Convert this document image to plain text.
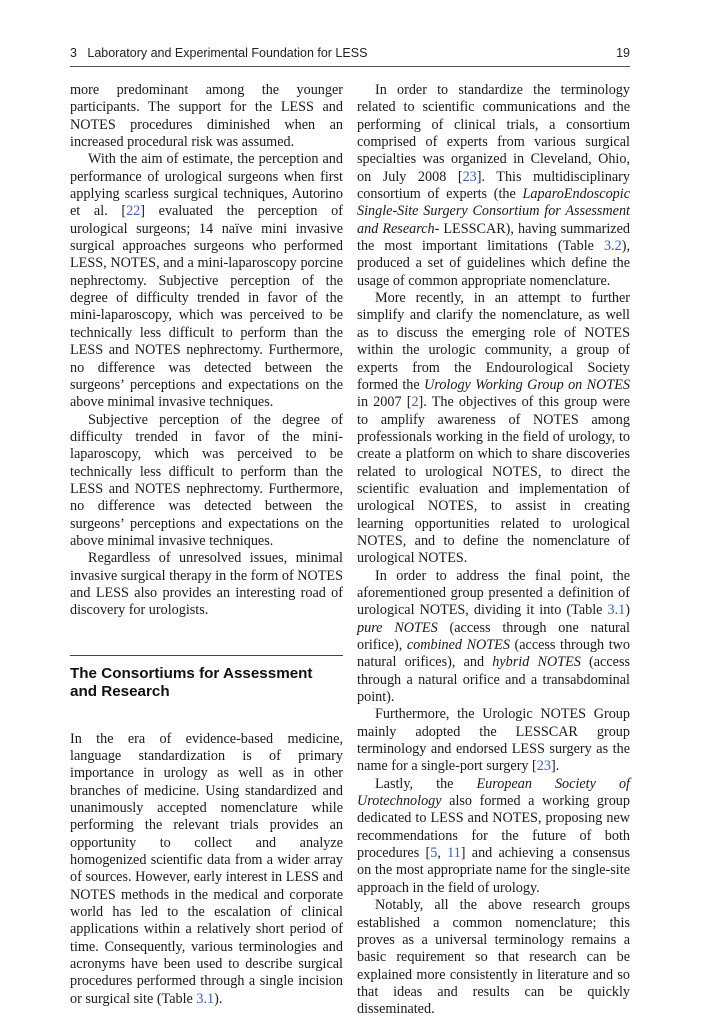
3   Laboratory and Experimental Foundation for LESS	19

more predominant among the younger participants. The support for the LESS and NOTES procedures diminished when an increased procedural risk was assumed.

With the aim of estimate, the perception and performance of urological surgeons when first applying scarless surgical techniques, Autorino et al. [22] evaluated the perception of urological surgeons; 14 naïve mini invasive surgical approaches surgeons who performed LESS, NOTES, and a mini-laparoscopy porcine nephrectomy. Subjective perception of the degree of difficulty trended in favor of the mini-laparoscopy, which was perceived to be technically less difficult to perform than the LESS and NOTES nephrectomy. Furthermore, no difference was detected between the surgeons’ perceptions and expectations on the above minimal invasive techniques.

Subjective perception of the degree of difficulty trended in favor of the mini-laparoscopy, which was perceived to be technically less difficult to perform than the LESS and NOTES nephrectomy. Furthermore, no difference was detected between the surgeons’ perceptions and expectations on the above minimal invasive techniques.

Regardless of unresolved issues, minimal invasive surgical therapy in the form of NOTES and LESS also provides an interesting road of discovery for urologists.

The Consortiums for Assessment and Research

In the era of evidence-based medicine, language standardization is of primary importance in urology as well as in other branches of medicine. Using standardized and unanimously accepted nomenclature while performing the relevant trials provides an opportunity to collect and analyze homogenized scientific data from a wider array of sources. However, early interest in LESS and NOTES methods in the medical and corporate world has led to the escalation of clinical applications within a relatively short period of time. Consequently, various terminologies and acronyms have been used to describe surgical procedures performed through a single incision or surgical site (Table 3.1).

In order to standardize the terminology related to scientific communications and the performing of clinical trials, a consortium comprised of experts from various surgical specialties was organized in Cleveland, Ohio, on July 2008 [23]. This multidisciplinary consortium of experts (the LaparoEndoscopic Single-Site Surgery Consortium for Assessment and Research- LESSCAR), having summarized the most important limitations (Table 3.2), produced a set of guidelines which define the usage of common appropriate nomenclature.

More recently, in an attempt to further simplify and clarify the nomenclature, as well as to discuss the emerging role of NOTES within the urologic community, a group of experts from the Endourological Society formed the Urology Working Group on NOTES in 2007 [2]. The objectives of this group were to amplify awareness of NOTES among professionals working in the field of urology, to create a platform on which to share discoveries related to urological NOTES, to direct the scientific evaluation and implementation of urological NOTES, to assist in creating learning opportunities related to urological NOTES, and to define the nomenclature of urological NOTES.

In order to address the final point, the aforementioned group presented a definition of urological NOTES, dividing it into (Table 3.1) pure NOTES (access through one natural orifice), combined NOTES (access through two natural orifices), and hybrid NOTES (access through a natural orifice and a transabdominal point).

Furthermore, the Urologic NOTES Group mainly adopted the LESSCAR group terminology and endorsed LESS surgery as the name for a single-port surgery [23].

Lastly, the European Society of Urotechnology also formed a working group dedicated to LESS and NOTES, proposing new recommendations for the future of both procedures [5, 11] and achieving a consensus on the most appropriate name for the single-site approach in the field of urology.

Notably, all the above research groups established a common nomenclature; this proves as a universal terminology remains a basic requirement so that research can be explained more consistently in literature and so that ideas and results can be quickly disseminated.
